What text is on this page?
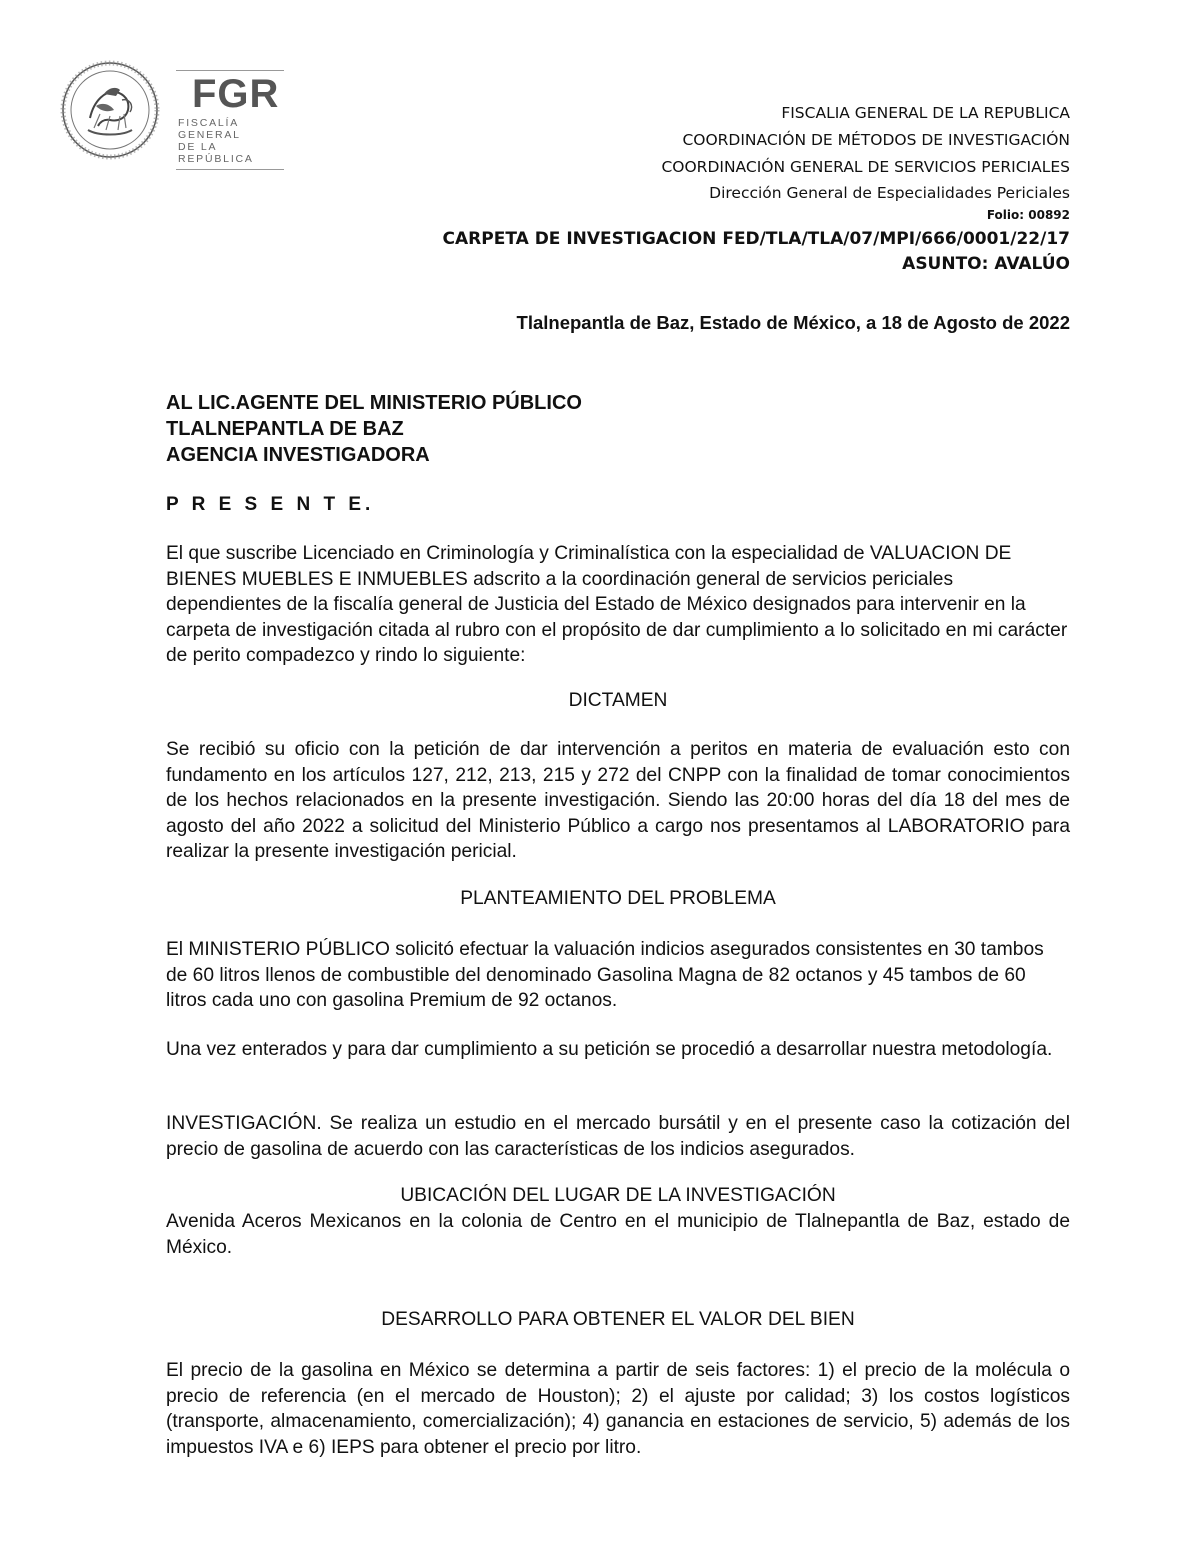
FGR
FISCALÍA GENERAL
DE LA REPÚBLICA
FISCALIA GENERAL DE LA REPUBLICA
COORDINACIÓN DE MÉTODOS DE INVESTIGACIÓN
COORDINACIÓN GENERAL DE SERVICIOS PERICIALES
Dirección General de Especialidades Periciales
Folio: 00892
CARPETA DE INVESTIGACION FED/TLA/TLA/07/MPI/666/0001/22/17
ASUNTO: AVALÚO
Tlalnepantla de Baz, Estado de México, a 18 de Agosto de 2022
AL LIC.AGENTE DEL MINISTERIO PÚBLICO
TLALNEPANTLA DE BAZ
AGENCIA INVESTIGADORA
P R E S E N T E.
El que suscribe Licenciado en Criminología y Criminalística con la especialidad de VALUACION DE BIENES MUEBLES E INMUEBLES adscrito a la coordinación general de servicios periciales dependientes de la fiscalía general de Justicia del Estado de México designados para intervenir en la carpeta de investigación citada al rubro con el propósito de dar cumplimiento a lo solicitado en mi carácter de perito compadezco y rindo lo siguiente:
DICTAMEN
Se recibió su oficio con la petición de dar intervención a peritos en materia de evaluación esto con fundamento en los artículos 127, 212, 213, 215 y 272 del CNPP con la finalidad de tomar conocimientos de los hechos relacionados en la presente investigación. Siendo las 20:00 horas del día 18 del mes de agosto del año 2022 a solicitud del Ministerio Público a cargo nos presentamos al LABORATORIO para realizar la presente investigación pericial.
PLANTEAMIENTO DEL PROBLEMA
El MINISTERIO PÚBLICO solicitó efectuar la valuación indicios asegurados consistentes en 30 tambos de 60 litros llenos de combustible del denominado Gasolina Magna de 82 octanos y 45 tambos de 60 litros cada uno con gasolina Premium de 92 octanos.
Una vez enterados y para dar cumplimiento a su petición se procedió a desarrollar nuestra metodología.
INVESTIGACIÓN. Se realiza un estudio en el mercado bursátil y en el presente caso la cotización del precio de gasolina de acuerdo con las características de los indicios asegurados.
UBICACIÓN DEL LUGAR DE LA INVESTIGACIÓN
Avenida Aceros Mexicanos en la colonia de Centro en el municipio de Tlalnepantla de Baz, estado de México.
DESARROLLO PARA OBTENER EL VALOR DEL BIEN
El precio de la gasolina en México se determina a partir de seis factores: 1) el precio de la molécula o precio de referencia (en el mercado de Houston); 2) el ajuste por calidad; 3) los costos logísticos (transporte, almacenamiento, comercialización); 4) ganancia en estaciones de servicio, 5) además de los impuestos IVA e 6) IEPS para obtener el precio por litro.
